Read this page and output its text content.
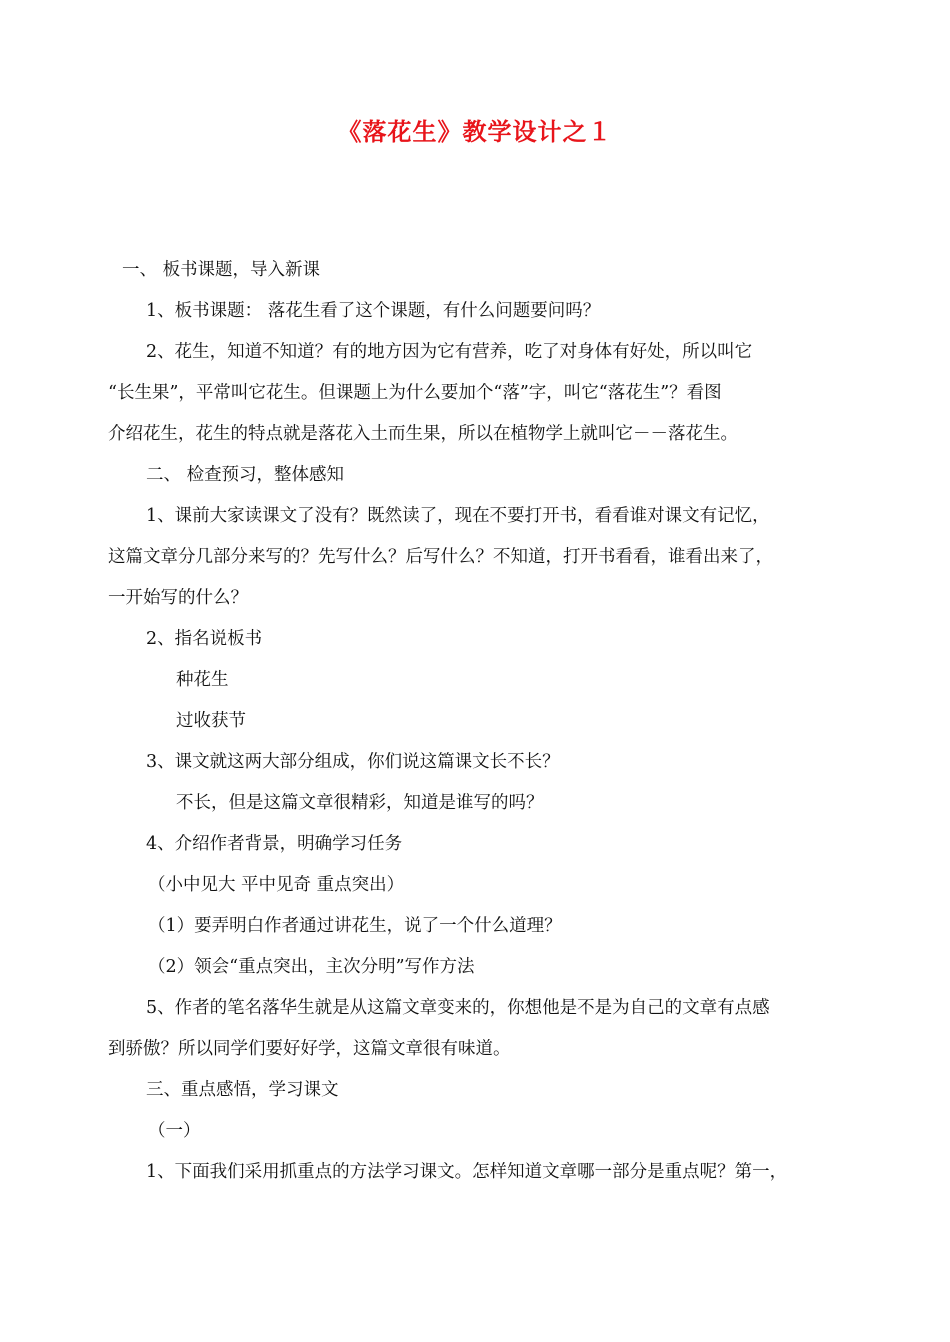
《落花生》教学设计之１
一、 板书课题，导入新课
1、板书课题： 落花生看了这个课题，有什么问题要问吗？
2、花生，知道不知道？有的地方因为它有营养，吃了对身体有好处，所以叫它
“长生果”，平常叫它花生。但课题上为什么要加个“落”字，叫它“落花生”？看图
介绍花生，花生的特点就是落花入土而生果，所以在植物学上就叫它－－落花生。
二、 检查预习，整体感知
1、课前大家读课文了没有？既然读了，现在不要打开书，看看谁对课文有记忆，
这篇文章分几部分来写的？先写什么？后写什么？不知道，打开书看看，谁看出来了，
一开始写的什么？
2、指名说板书
种花生
过收获节
3、课文就这两大部分组成，你们说这篇课文长不长？
不长，但是这篇文章很精彩，知道是谁写的吗？
4、介绍作者背景，明确学习任务
（小中见大 平中见奇 重点突出）
（1）要弄明白作者通过讲花生，说了一个什么道理？
（2）领会“重点突出，主次分明”写作方法
5、作者的笔名落华生就是从这篇文章变来的，你想他是不是为自己的文章有点感
到骄傲？所以同学们要好好学，这篇文章很有味道。
三、重点感悟，学习课文
（一）
1、下面我们采用抓重点的方法学习课文。怎样知道文章哪一部分是重点呢？第一，
